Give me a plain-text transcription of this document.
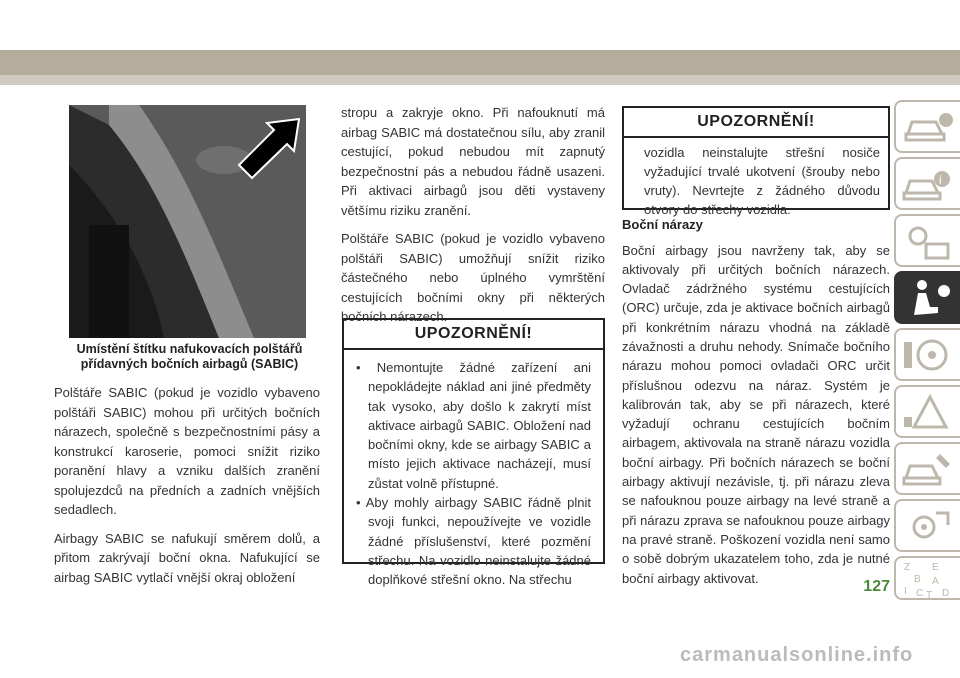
Umístění štítku nafukovacích polštářů
přídavných bočních airbagů (SABIC)

Polštáře SABIC (pokud je vozidlo vybaveno polštáři SABIC) mohou při určitých bočních nárazech, společně s bezpečnostními pásy a konstrukcí karoserie, pomoci snížit riziko poranění hlavy a vzniku dalších zranění spolujezdců na předních a zadních vnějších sedadlech.

Airbagy SABIC se nafukují směrem dolů, a přitom zakrývají boční okna. Nafukující se airbag SABIC vytlačí vnější okraj obložení

stropu a zakryje okno. Při nafouknutí má airbag SABIC má dostatečnou sílu, aby zranil cestující, pokud nebudou mít zapnutý bezpečnostní pás a nebudou řádně usazeni. Při aktivaci airbagů jsou děti vystaveny většímu riziku zranění.

Polštáře SABIC (pokud je vozidlo vybaveno polštáři SABIC) umožňují snížit riziko částečného nebo úplného vymrštění cestujících bočními okny při některých bočních nárazech.

UPOZORNĚNÍ!
• Nemontujte žádné zařízení ani nepokládejte náklad ani jiné předměty tak vysoko, aby došlo k zakrytí míst aktivace airbagů SABIC. Obložení nad bočními okny, kde se airbagy SABIC a místo jejich aktivace nacházejí, musí zůstat volně přístupné.
• Aby mohly airbagy SABIC řádně plnit svoji funkci, nepoužívejte ve vozidle žádné příslušenství, které pozmění střechu. Na vozidlo neinstalujte žádné doplňkové střešní okno. Na střechu
UPOZORNĚNÍ!
vozidla neinstalujte střešní nosiče vyžadující trvalé ukotvení (šrouby nebo vruty). Nevrtejte z žádného důvodu otvory do střechy vozidla.

Boční nárazy

Boční airbagy jsou navrženy tak, aby se aktivovaly při určitých bočních nárazech. Ovladač zádržného systému cestujících (ORC) určuje, zda je aktivace bočních airbagů při konkrétním nárazu vhodná na základě závažnosti a druhu nehody. Snímače bočního nárazu mohou pomoci ovladači ORC určit příslušnou odezvu na náraz. Systém je kalibrován tak, aby se při nárazech, které vyžadují ochranu cestujících bočním airbagem, aktivovala na straně nárazu vozidla boční airbagy. Při bočních nárazech se boční airbagy aktivují nezávisle, tj. při nárazu zleva se nafouknou pouze airbagy na levé straně a při nárazu zprava se nafouknou pouze airbagy na pravé straně. Poškození vozidla není samo o sobě dobrým ukazatelem toho, zda je nutné boční airbagy aktivovat.

i
Z E
B A
I C T D
127
carmanualsonline.info
